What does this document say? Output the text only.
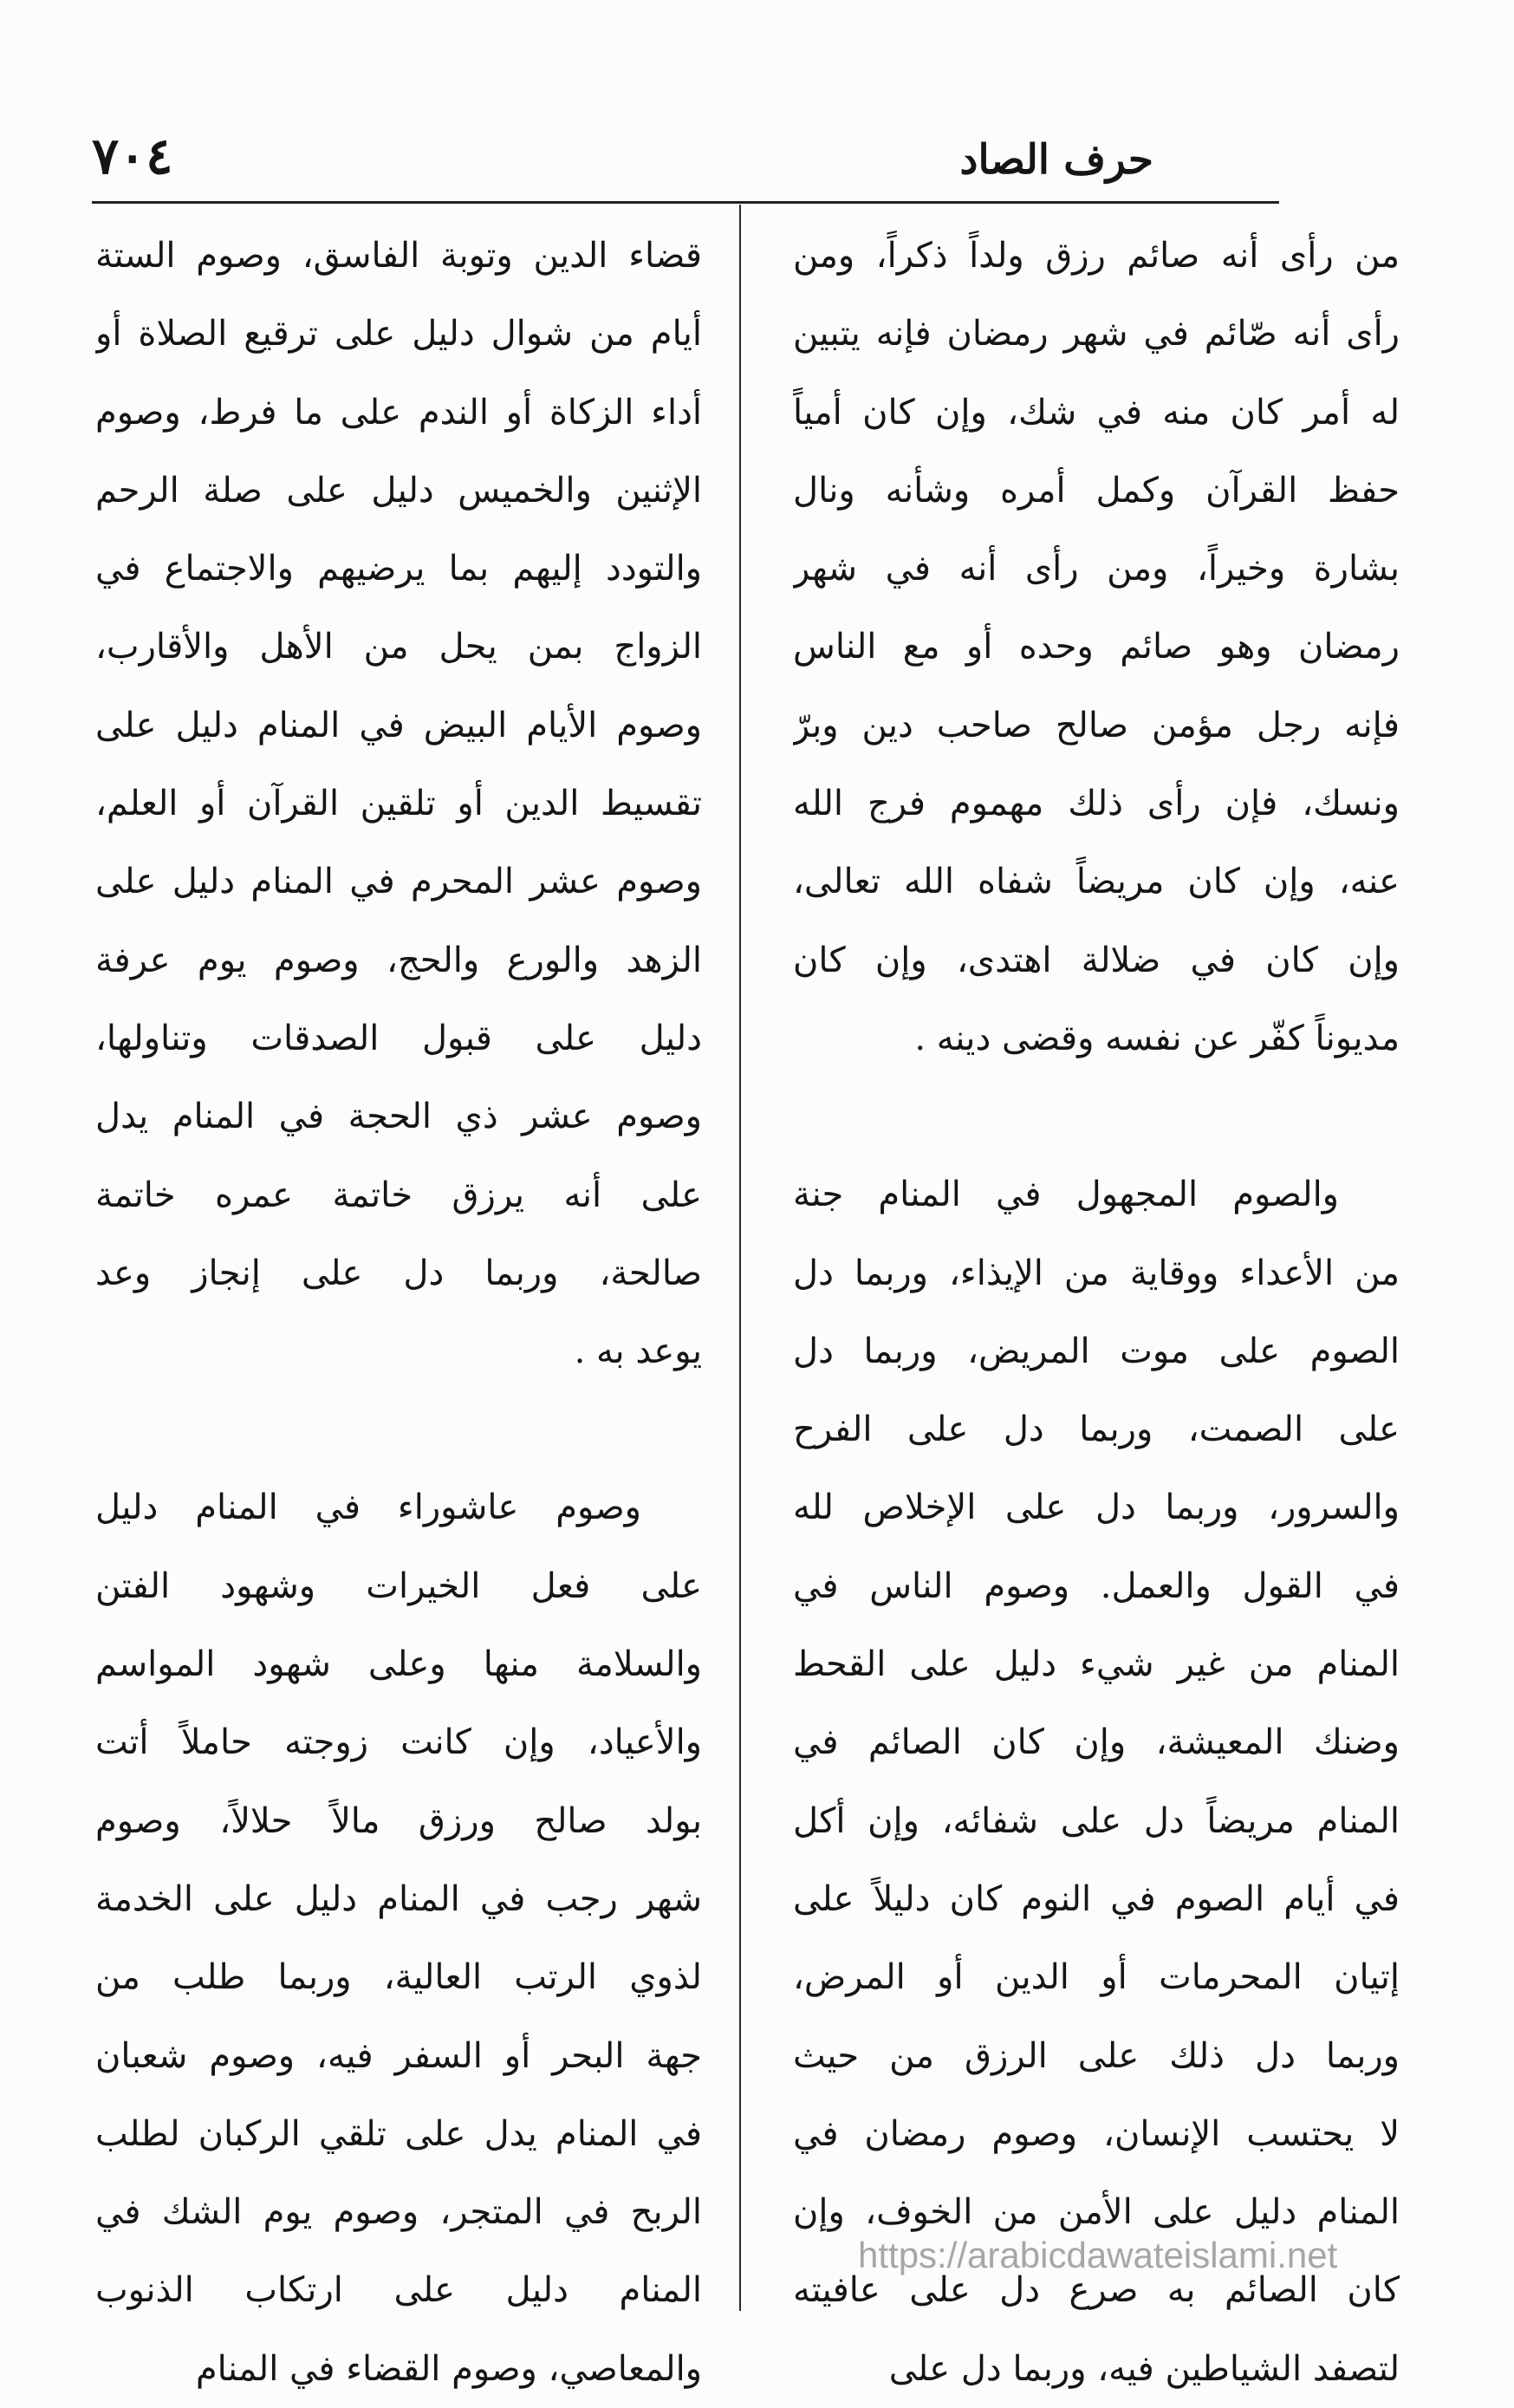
٧٠٤	حرف الصاد
من رأى أنه صائم رزق ولداً ذكراً، ومن
رأى أنه صّائم في شهر رمضان فإنه يتبين
له أمر كان منه في شك، وإن كان أمياً
حفظ القرآن وكمل أمره وشأنه ونال
بشارة وخيراً، ومن رأى أنه في شهر
رمضان وهو صائم وحده أو مع الناس
فإنه رجل مؤمن صالح صاحب دين وبرّ
ونسك، فإن رأى ذلك مهموم فرج الله
عنه، وإن كان مريضاً شفاه الله تعالى،
وإن كان في ضلالة اهتدى، وإن كان
مديوناً كفّر عن نفسه وقضى دينه .
والصوم المجهول في المنام جنة
من الأعداء ووقاية من الإيذاء، وربما دل
الصوم على موت المريض، وربما دل
على الصمت، وربما دل على الفرح
والسرور، وربما دل على الإخلاص لله
في القول والعمل. وصوم الناس في
المنام من غير شيء دليل على القحط
وضنك المعيشة، وإن كان الصائم في
المنام مريضاً دل على شفائه، وإن أكل
في أيام الصوم في النوم كان دليلاً على
إتيان المحرمات أو الدين أو المرض،
وربما دل ذلك على الرزق من حيث
لا يحتسب الإنسان، وصوم رمضان في
المنام دليل على الأمن من الخوف، وإن
كان الصائم به صرع دل على عافيته
لتصفد الشياطين فيه، وربما دل على
قضاء الدين وتوبة الفاسق، وصوم الستة
أيام من شوال دليل على ترقيع الصلاة أو
أداء الزكاة أو الندم على ما فرط، وصوم
الإثنين والخميس دليل على صلة الرحم
والتودد إليهم بما يرضيهم والاجتماع في
الزواج بمن يحل من الأهل والأقارب،
وصوم الأيام البيض في المنام دليل على
تقسيط الدين أو تلقين القرآن أو العلم،
وصوم عشر المحرم في المنام دليل على
الزهد والورع والحج، وصوم يوم عرفة
دليل على قبول الصدقات وتناولها،
وصوم عشر ذي الحجة في المنام يدل
على أنه يرزق خاتمة عمره خاتمة
صالحة، وربما دل على إنجاز وعد
يوعد به .
وصوم عاشوراء في المنام دليل
على فعل الخيرات وشهود الفتن
والسلامة منها وعلى شهود المواسم
والأعياد، وإن كانت زوجته حاملاً أتت
بولد صالح ورزق مالاً حلالاً، وصوم
شهر رجب في المنام دليل على الخدمة
لذوي الرتب العالية، وربما طلب من
جهة البحر أو السفر فيه، وصوم شعبان
في المنام يدل على تلقي الركبان لطلب
الربح في المتجر، وصوم يوم الشك في
المنام دليل على ارتكاب الذنوب
والمعاصي، وصوم القضاء في المنام
https://arabicdawateislami.net
